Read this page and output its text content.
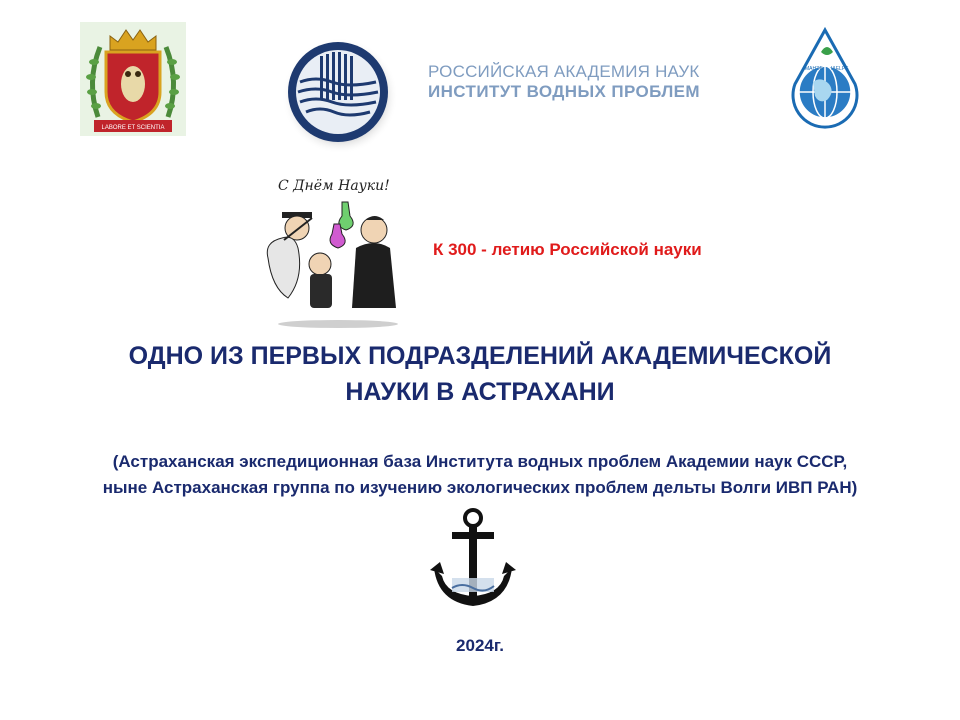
LABORE ET SCIENTIA
РОССИЙСКАЯ АКАДЕМИЯ НАУК
ИНСТИТУТ ВОДНЫХ ПРОБЛЕМ
МАНЭБ IAELPS
С Днём Науки!
К 300 - летию Российской науки
ОДНО ИЗ ПЕРВЫХ ПОДРАЗДЕЛЕНИЙ АКАДЕМИЧЕСКОЙ
НАУКИ В АСТРАХАНИ

(Астраханская экспедиционная база Института водных проблем Академии наук СССР,
ныне Астраханская группа по изучению экологических проблем дельты Волги ИВП РАН)

2024г.
